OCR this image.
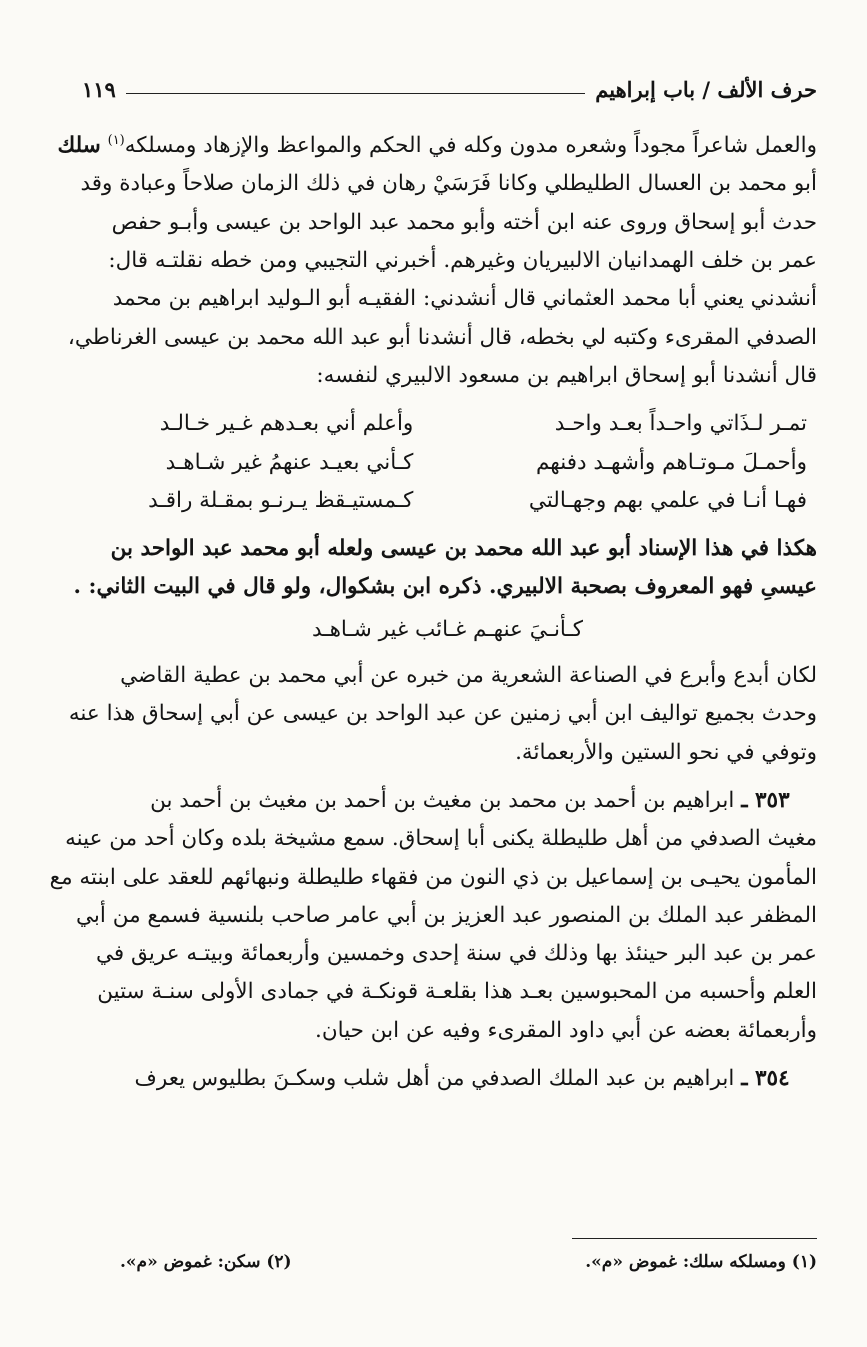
حرف الألف / باب إبراهيم
١١٩
والعمل شاعراً مجوداً وشعره مدون وكله في الحكم والمواعظ والإزهاد ومسلكه$^{(١)}$ سلك
أبو محمد بن العسال الطليطلي وكانا فَرَسَيْ رهان في ذلك الزمان صلاحاً وعبادة وقد
حدث أبو إسحاق وروى عنه ابن أخته وأبو محمد عبد الواحد بن عيسى وأبـو حفص
عمر بن خلف الهمدانيان الالبيريان وغيرهم. أخبرني التجيبي ومن خطه نقلتـه قال:
أنشدني يعني أبا محمد العثماني قال أنشدني: الفقيـه أبو الـوليد ابراهيم بن محمد
الصدفي المقرىء وكتبه لي بخطه، قال أنشدنا أبو عبد الله محمد بن عيسى الغرناطي،
قال أنشدنا أبو إسحاق ابراهيم بن مسعود الالبيري لنفسه:
تمـر لـذَاتي واحـداً بعـد واحـد
وأعلم أني بعـدهم غـير خـالـد
وأحمـلَ مـوتـاهم وأشهـد دفنهم
كـأني بعيـد عنهمُ غير شـاهـد
فهـا أنـا في علمي بهم وجهـالتي
كـمستيـقظ يـرنـو بمقـلة راقـد
هكذا في هذا الإسناد أبو عبد الله محمد بن عيسى ولعله أبو محمد عبد الواحد بن
عيسىِ فهو المعروف بصحبة الالبيري. ذكره ابن بشكوال، ولو قال في البيت الثاني: .
كـأنـيَ عنهـم غـائب غير شـاهـد
لكان أبدع وأبرع في الصناعة الشعرية من خبره عن أبي محمد بن عطية القاضي
وحدث بجميع تواليف ابن أبي زمنين عن عبد الواحد بن عيسى عن أبي إسحاق هذا عنه
وتوفي في نحو الستين والأربعمائة.
٣٥٣ ـ ابراهيم بن أحمد بن محمد بن مغيث بن أحمد بن مغيث بن أحمد بن
مغيث الصدفي من أهل طليطلة يكنى أبا إسحاق. سمع مشيخة بلده وكان أحد من عينه
المأمون يحيـى بن إسماعيل بن ذي النون من فقهاء طليطلة ونبهائهم للعقد على ابنته مع
المظفر عبد الملك بن المنصور عبد العزيز بن أبي عامر صاحب بلنسية فسمع من أبي
عمر بن عبد البر حينئذ بها وذلك في سنة إحدى وخمسين وأربعمائة وبيتـه عريق في
العلم وأحسبه من المحبوسين بعـد هذا بقلعـة قونكـة في جمادى الأولى سنـة ستين
وأربعمائة بعضه عن أبي داود المقرىء وفيه عن ابن حيان.
٣٥٤ ـ ابراهيم بن عبد الملك الصدفي من أهل شلب وسكـنَ بطليوس يعرف
(١) ومسلكه سلك: غموض «م».
(٢) سكن: غموض «م».
